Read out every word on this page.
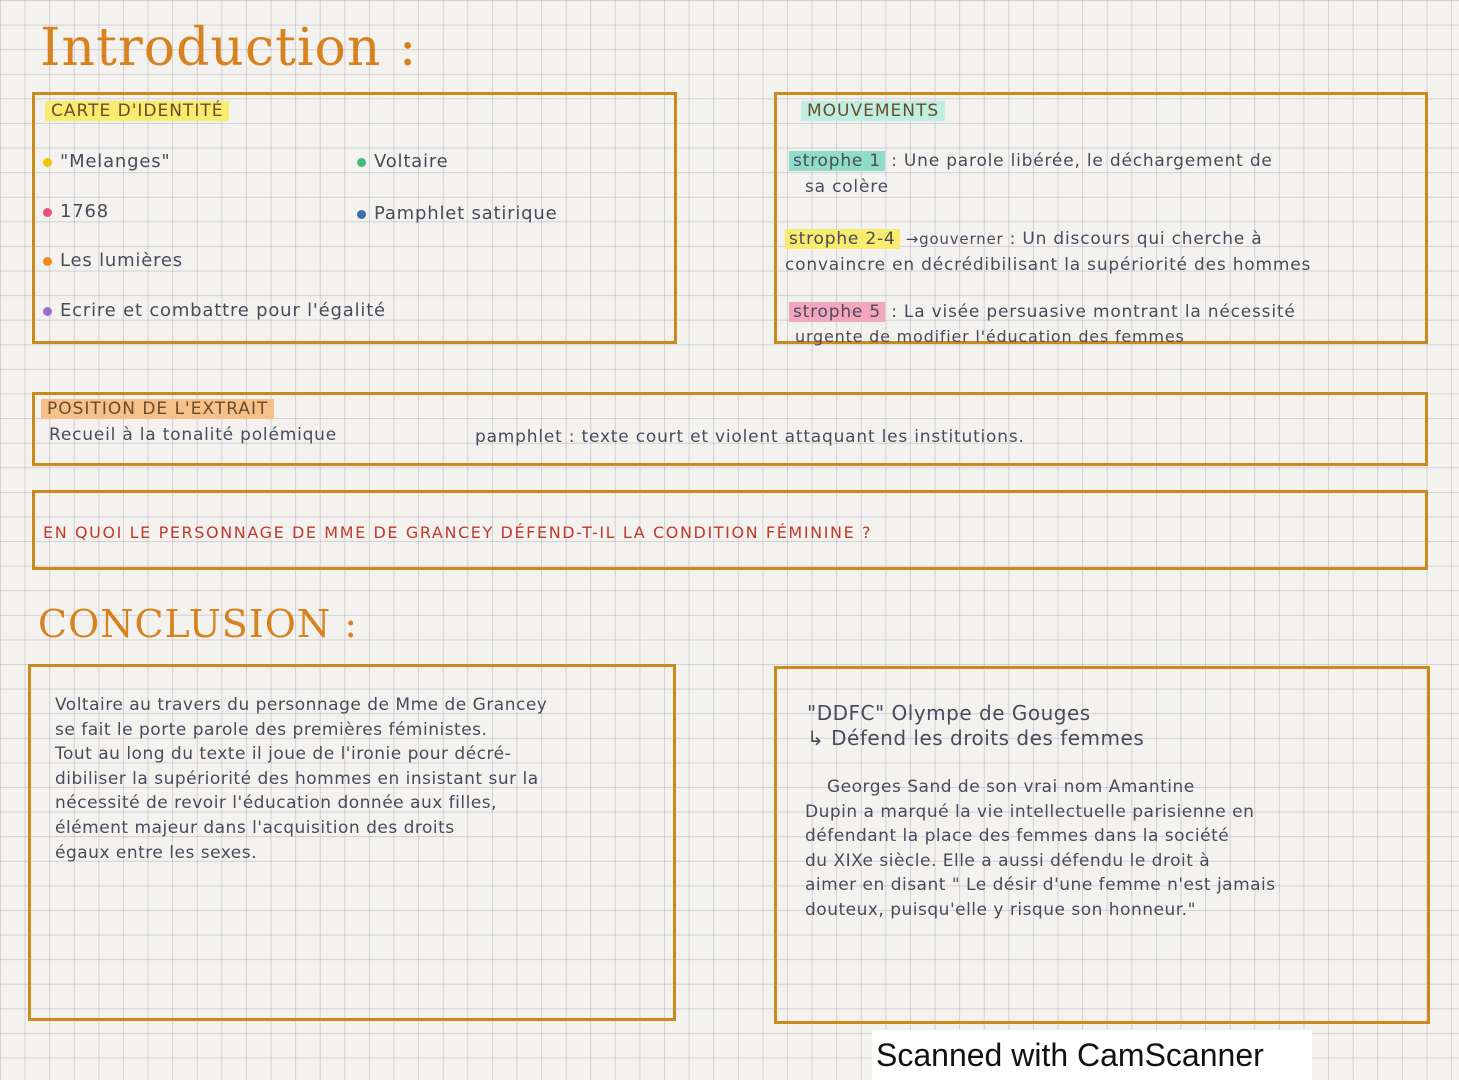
Introduction :
CARTE D'IDENTITÉ
"Melanges"
1768
Les lumières
Ecrire et combattre pour l'égalité
Voltaire
Pamphlet satirique
MOUVEMENTS
strophe 1 : Une parole libérée, le déchargement de
sa colère
strophe 2-4 →gouverner : Un discours qui cherche à
convaincre en décrédibilisant la supériorité des hommes
strophe 5 : La visée persuasive montrant la nécessité
urgente de modifier l'éducation des femmes
POSITION DE L'EXTRAIT
Recueil à la tonalité polémique	pamphlet : texte court et violent attaquant les institutions.
EN QUOI LE PERSONNAGE DE MME DE GRANCEY DÉFEND-T-IL LA CONDITION FÉMININE ?
CONCLUSION :
Voltaire au travers du personnage de Mme de Grancey
se fait le porte parole des premières féministes.
Tout au long du texte il joue de l'ironie pour décré-
dibiliser la supériorité des hommes en insistant sur la
nécessité de revoir l'éducation donnée aux filles,
élément majeur dans l'acquisition des droits
égaux entre les sexes.
"DDFC" Olympe de Gouges
↳ Défend les droits des femmes
Georges Sand de son vrai nom Amantine
Dupin a marqué la vie intellectuelle parisienne en
défendant la place des femmes dans la société
du XIXe siècle. Elle a aussi défendu le droit à
aimer en disant " Le désir d'une femme n'est jamais
douteux, puisqu'elle y risque son honneur."
Scanned with CamScanner
